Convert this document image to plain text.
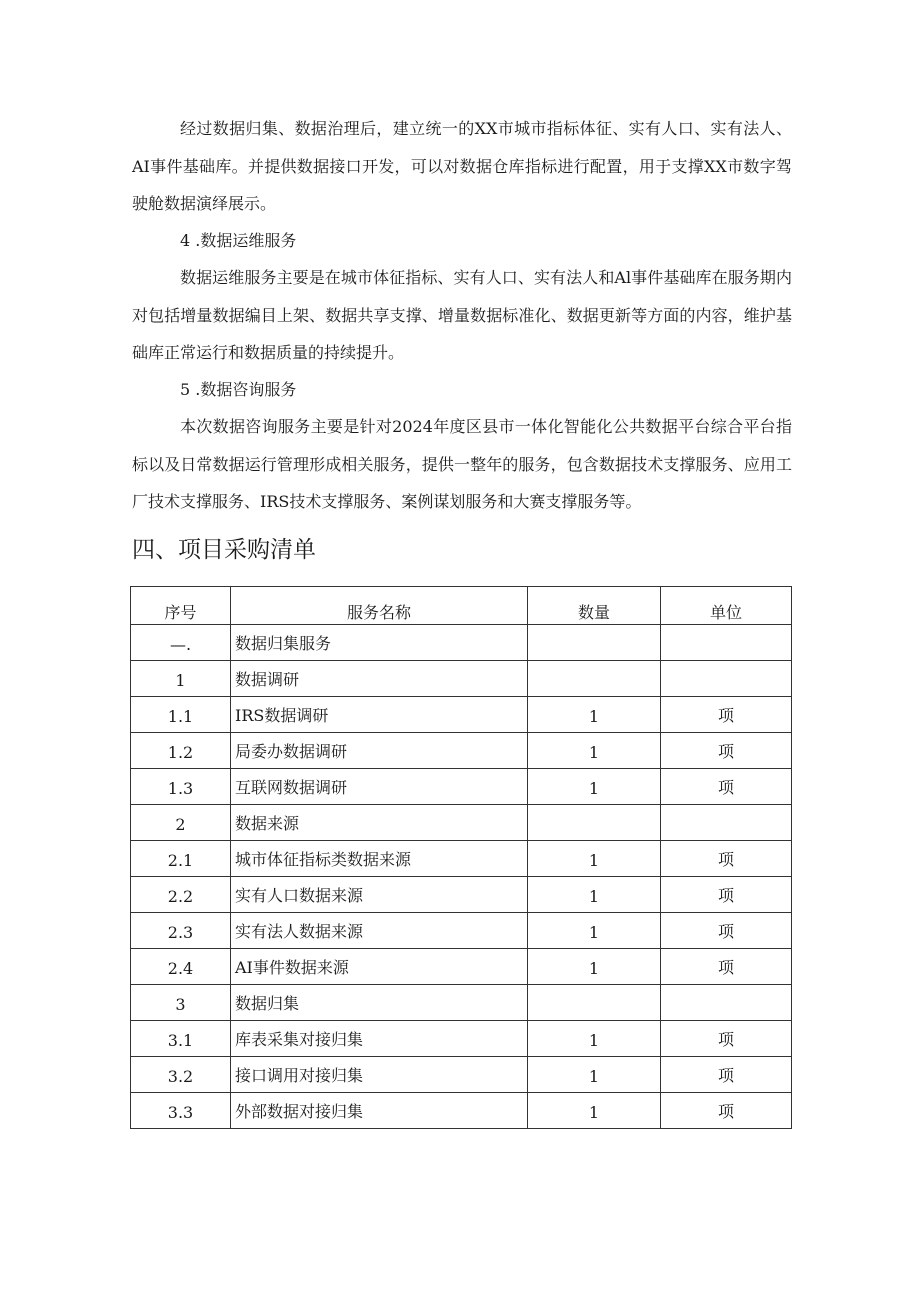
经过数据归集、数据治理后，建立统一的XX市城市指标体征、实有人口、实有法人、AI事件基础库。并提供数据接口开发，可以对数据仓库指标进行配置，用于支撑XX市数字驾驶舱数据演绎展示。

4 .数据运维服务

数据运维服务主要是在城市体征指标、实有人口、实有法人和Al事件基础库在服务期内对包括增量数据编目上架、数据共享支撑、增量数据标准化、数据更新等方面的内容，维护基础库正常运行和数据质量的持续提升。

5 .数据咨询服务

本次数据咨询服务主要是针对2024年度区县市一体化智能化公共数据平台综合平台指标以及日常数据运行管理形成相关服务，提供一整年的服务，包含数据技术支撑服务、应用工厂技术支撑服务、IRS技术支撑服务、案例谋划服务和大赛支撑服务等。

四、项目采购清单
序号	服务名称	数量	单位
—.	数据归集服务		
1	数据调研		
1.1	IRS数据调研	1	项
1.2	局委办数据调研	1	项
1.3	互联网数据调研	1	项
2	数据来源		
2.1	城市体征指标类数据来源	1	项
2.2	实有人口数据来源	1	项
2.3	实有法人数据来源	1	项
2.4	AI事件数据来源	1	项
3	数据归集		
3.1	库表采集对接归集	1	项
3.2	接口调用对接归集	1	项
3.3	外部数据对接归集	1	项
